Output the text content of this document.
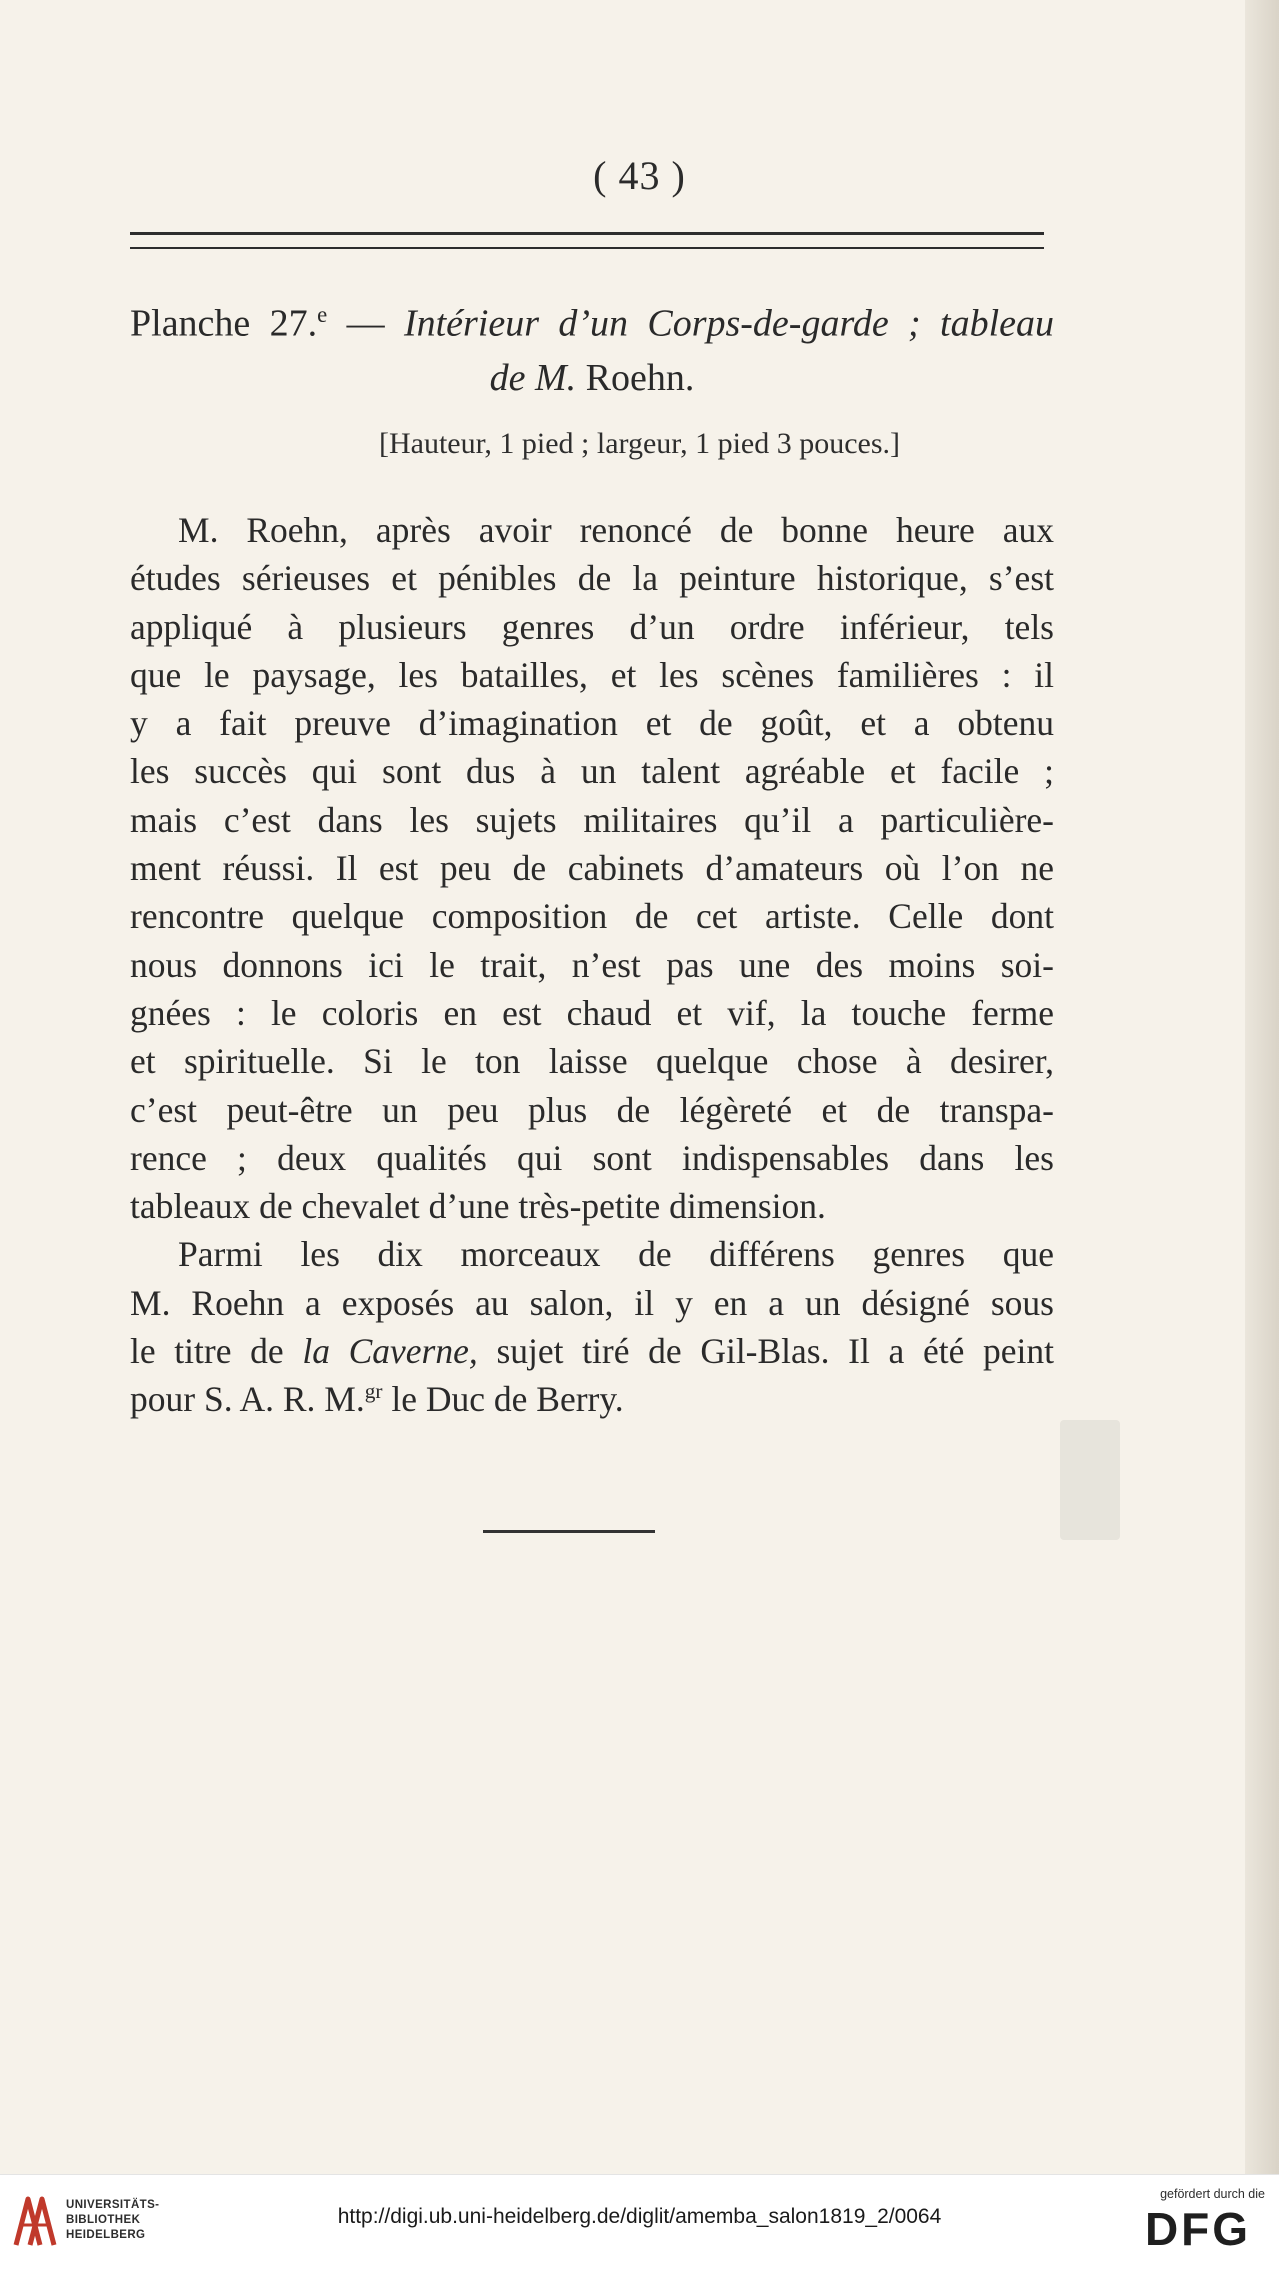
( 43 )
Planche 27.$^e$ — Intérieur d’un Corps-de-garde ; tableau
de M. Roehn.
[Hauteur, 1 pied ; largeur, 1 pied 3 pouces.]
M. Roehn, après avoir renoncé de bonne heure aux
études sérieuses et pénibles de la peinture historique, s’est
appliqué à plusieurs genres d’un ordre inférieur, tels
que le paysage, les batailles, et les scènes familières : il
y a fait preuve d’imagination et de goût, et a obtenu
les succès qui sont dus à un talent agréable et facile ;
mais c’est dans les sujets militaires qu’il a particulière-
ment réussi. Il est peu de cabinets d’amateurs où l’on ne
rencontre quelque composition de cet artiste. Celle dont
nous donnons ici le trait, n’est pas une des moins soi-
gnées : le coloris en est chaud et vif, la touche ferme
et spirituelle. Si le ton laisse quelque chose à desirer,
c’est peut-être un peu plus de légèreté et de transpa-
rence ; deux qualités qui sont indispensables dans les
tableaux de chevalet d’une très-petite dimension.
Parmi les dix morceaux de différens genres que
M. Roehn a exposés au salon, il y en a un désigné sous
le titre de la Caverne, sujet tiré de Gil-Blas. Il a été peint
pour S. A. R. M.$^{gr}$ le Duc de Berry.
UNIVERSITÄTS-
BIBLIOTHEK
HEIDELBERG
http://digi.ub.uni-heidelberg.de/diglit/amemba_salon1819_2/0064
gefördert durch die
DFG
